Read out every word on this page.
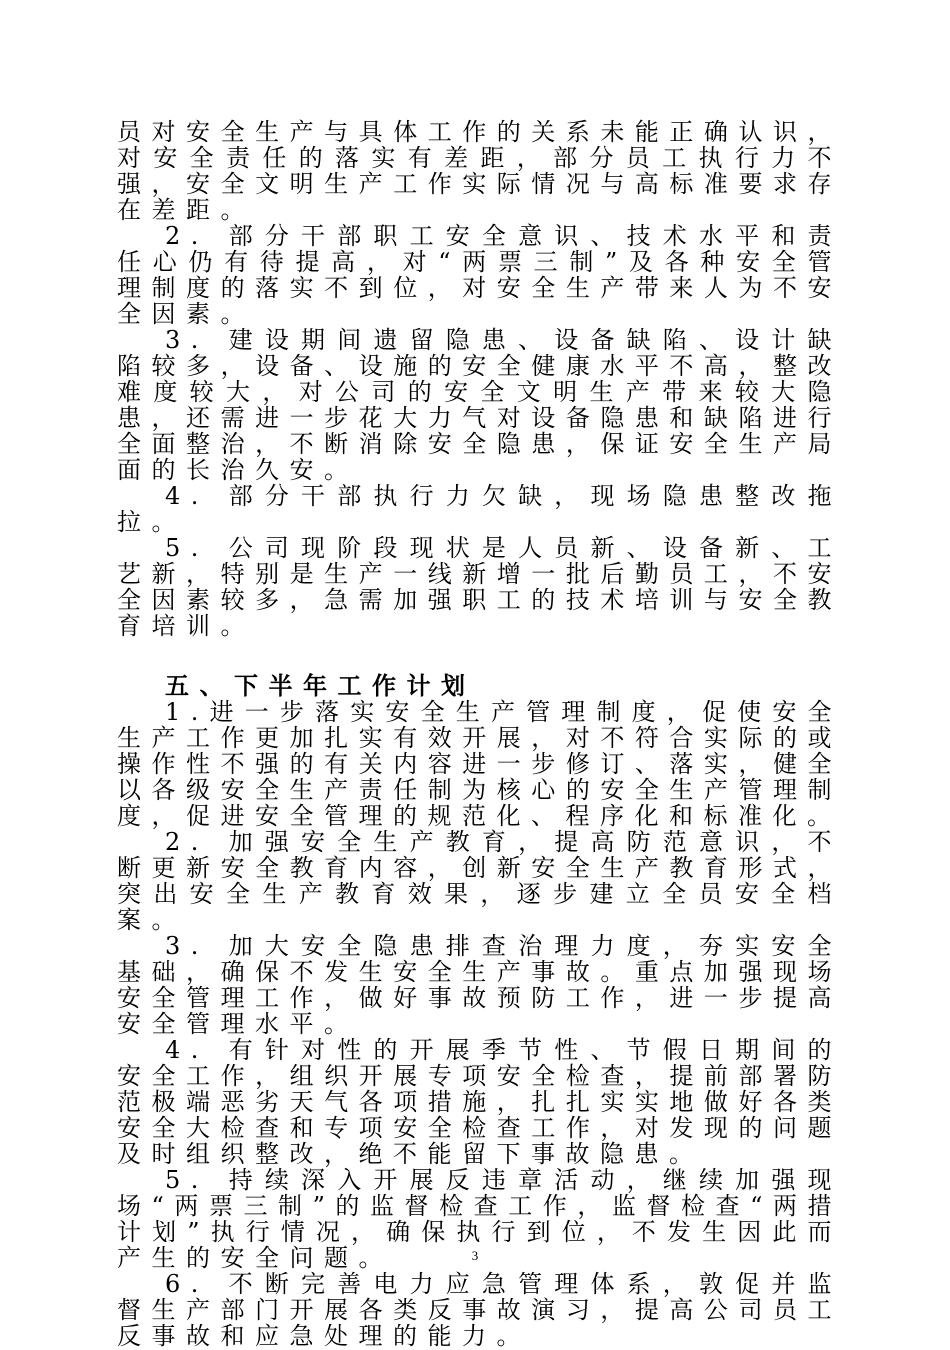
员对安全生产与具体工作的关系未能正确认识，对安全责任的落实有差距，部分员工执行力不强，安全文明生产工作实际情况与高标准要求存在差距。

2. 部分干部职工安全意识、技术水平和责任心仍有待提高，对“两票三制”及各种安全管理制度的落实不到位，对安全生产带来人为不安全因素。

3. 建设期间遗留隐患、设备缺陷、设计缺陷较多，设备、设施的安全健康水平不高，整改难度较大，对公司的安全文明生产带来较大隐患，还需进一步花大力气对设备隐患和缺陷进行全面整治，不断消除安全隐患，保证安全生产局面的长治久安。

4. 部分干部执行力欠缺，现场隐患整改拖拉。

5. 公司现阶段现状是人员新、设备新、工艺新，特别是生产一线新增一批后勤员工，不安全因素较多，急需加强职工的技术培训与安全教育培训。

五、下半年工作计划

1.进一步落实安全生产管理制度，促使安全生产工作更加扎实有效开展，对不符合实际的或操作性不强的有关内容进一步修订、落实，健全以各级安全生产责任制为核心的安全生产管理制度，促进安全管理的规范化、程序化和标准化。

2. 加强安全生产教育，提高防范意识，不断更新安全教育内容，创新安全生产教育形式，突出安全生产教育效果，逐步建立全员安全档案。

3. 加大安全隐患排查治理力度，夯实安全基础，确保不发生安全生产事故。重点加强现场安全管理工作，做好事故预防工作，进一步提高安全管理水平。

4. 有针对性的开展季节性、节假日期间的安全工作，组织开展专项安全检查，提前部署防范极端恶劣天气各项措施，扎扎实实地做好各类安全大检查和专项安全检查工作，对发现的问题及时组织整改，绝不能留下事故隐患。

5. 持续深入开展反违章活动，继续加强现场“两票三制”的监督检查工作，监督检查“两措计划”执行情况，确保执行到位，不发生因此而产生的安全问题。

6. 不断完善电力应急管理体系，敦促并监督生产部门开展各类反事故演习，提高公司员工反事故和应急处理的能力。

3
